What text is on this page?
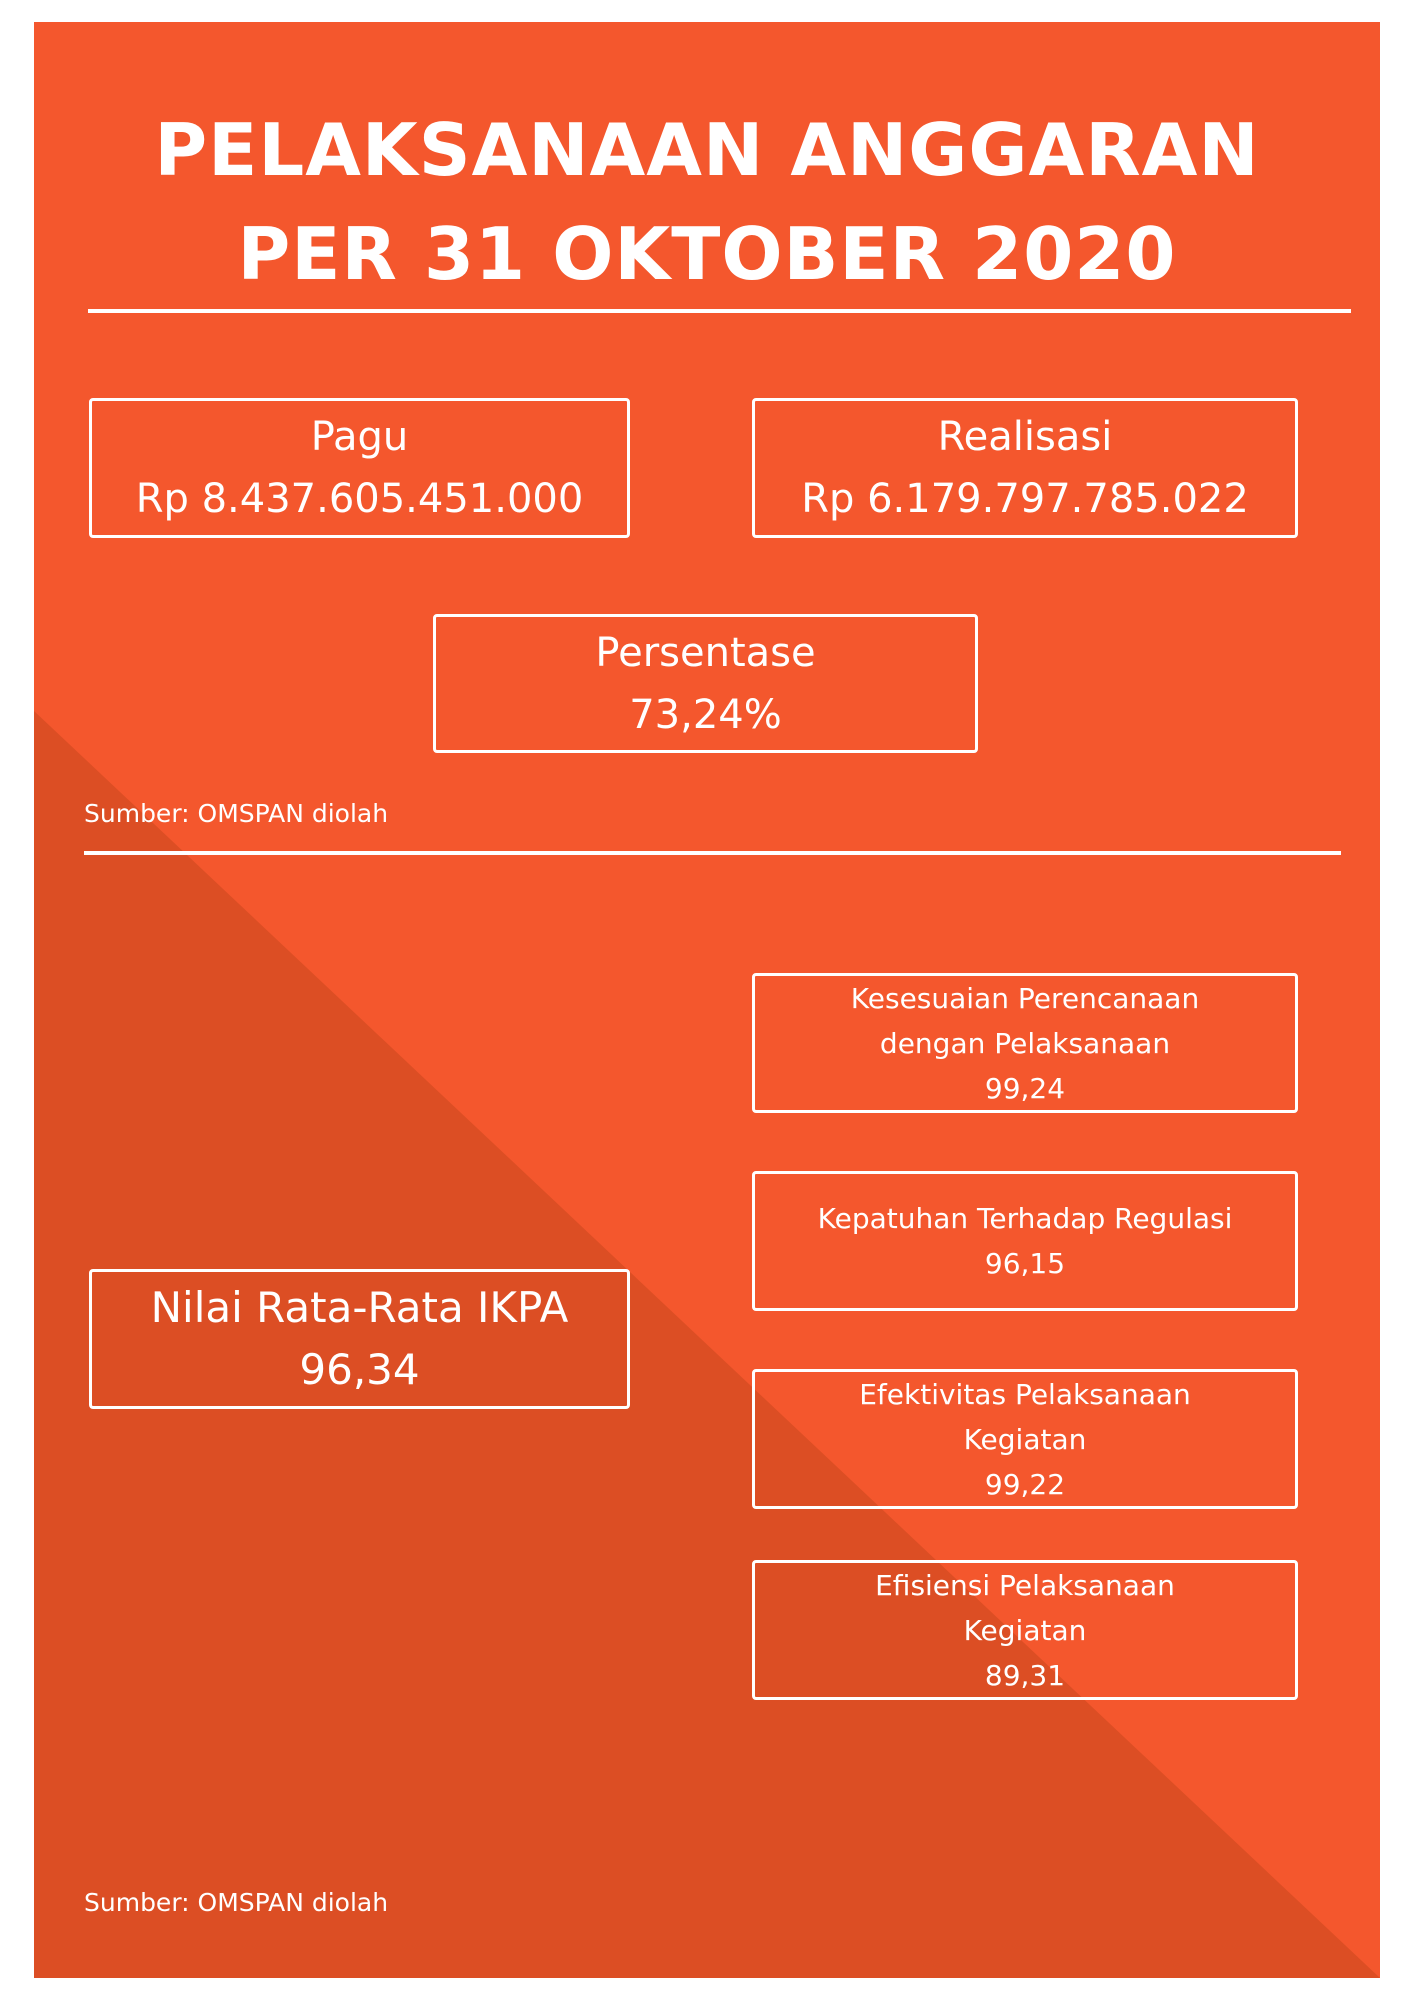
PELAKSANAAN ANGGARAN
PER 31 OKTOBER 2020
Pagu
Rp 8.437.605.451.000
Realisasi
Rp 6.179.797.785.022
Persentase
73,24%
Sumber: OMSPAN diolah
Kesesuaian Perencanaan
dengan Pelaksanaan
99,24
Kepatuhan Terhadap Regulasi
96,15
Nilai Rata-Rata IKPA
96,34	Efektivitas Pelaksanaan
Kegiatan
99,22
Efisiensi Pelaksanaan
Kegiatan
89,31
Sumber: OMSPAN diolah
